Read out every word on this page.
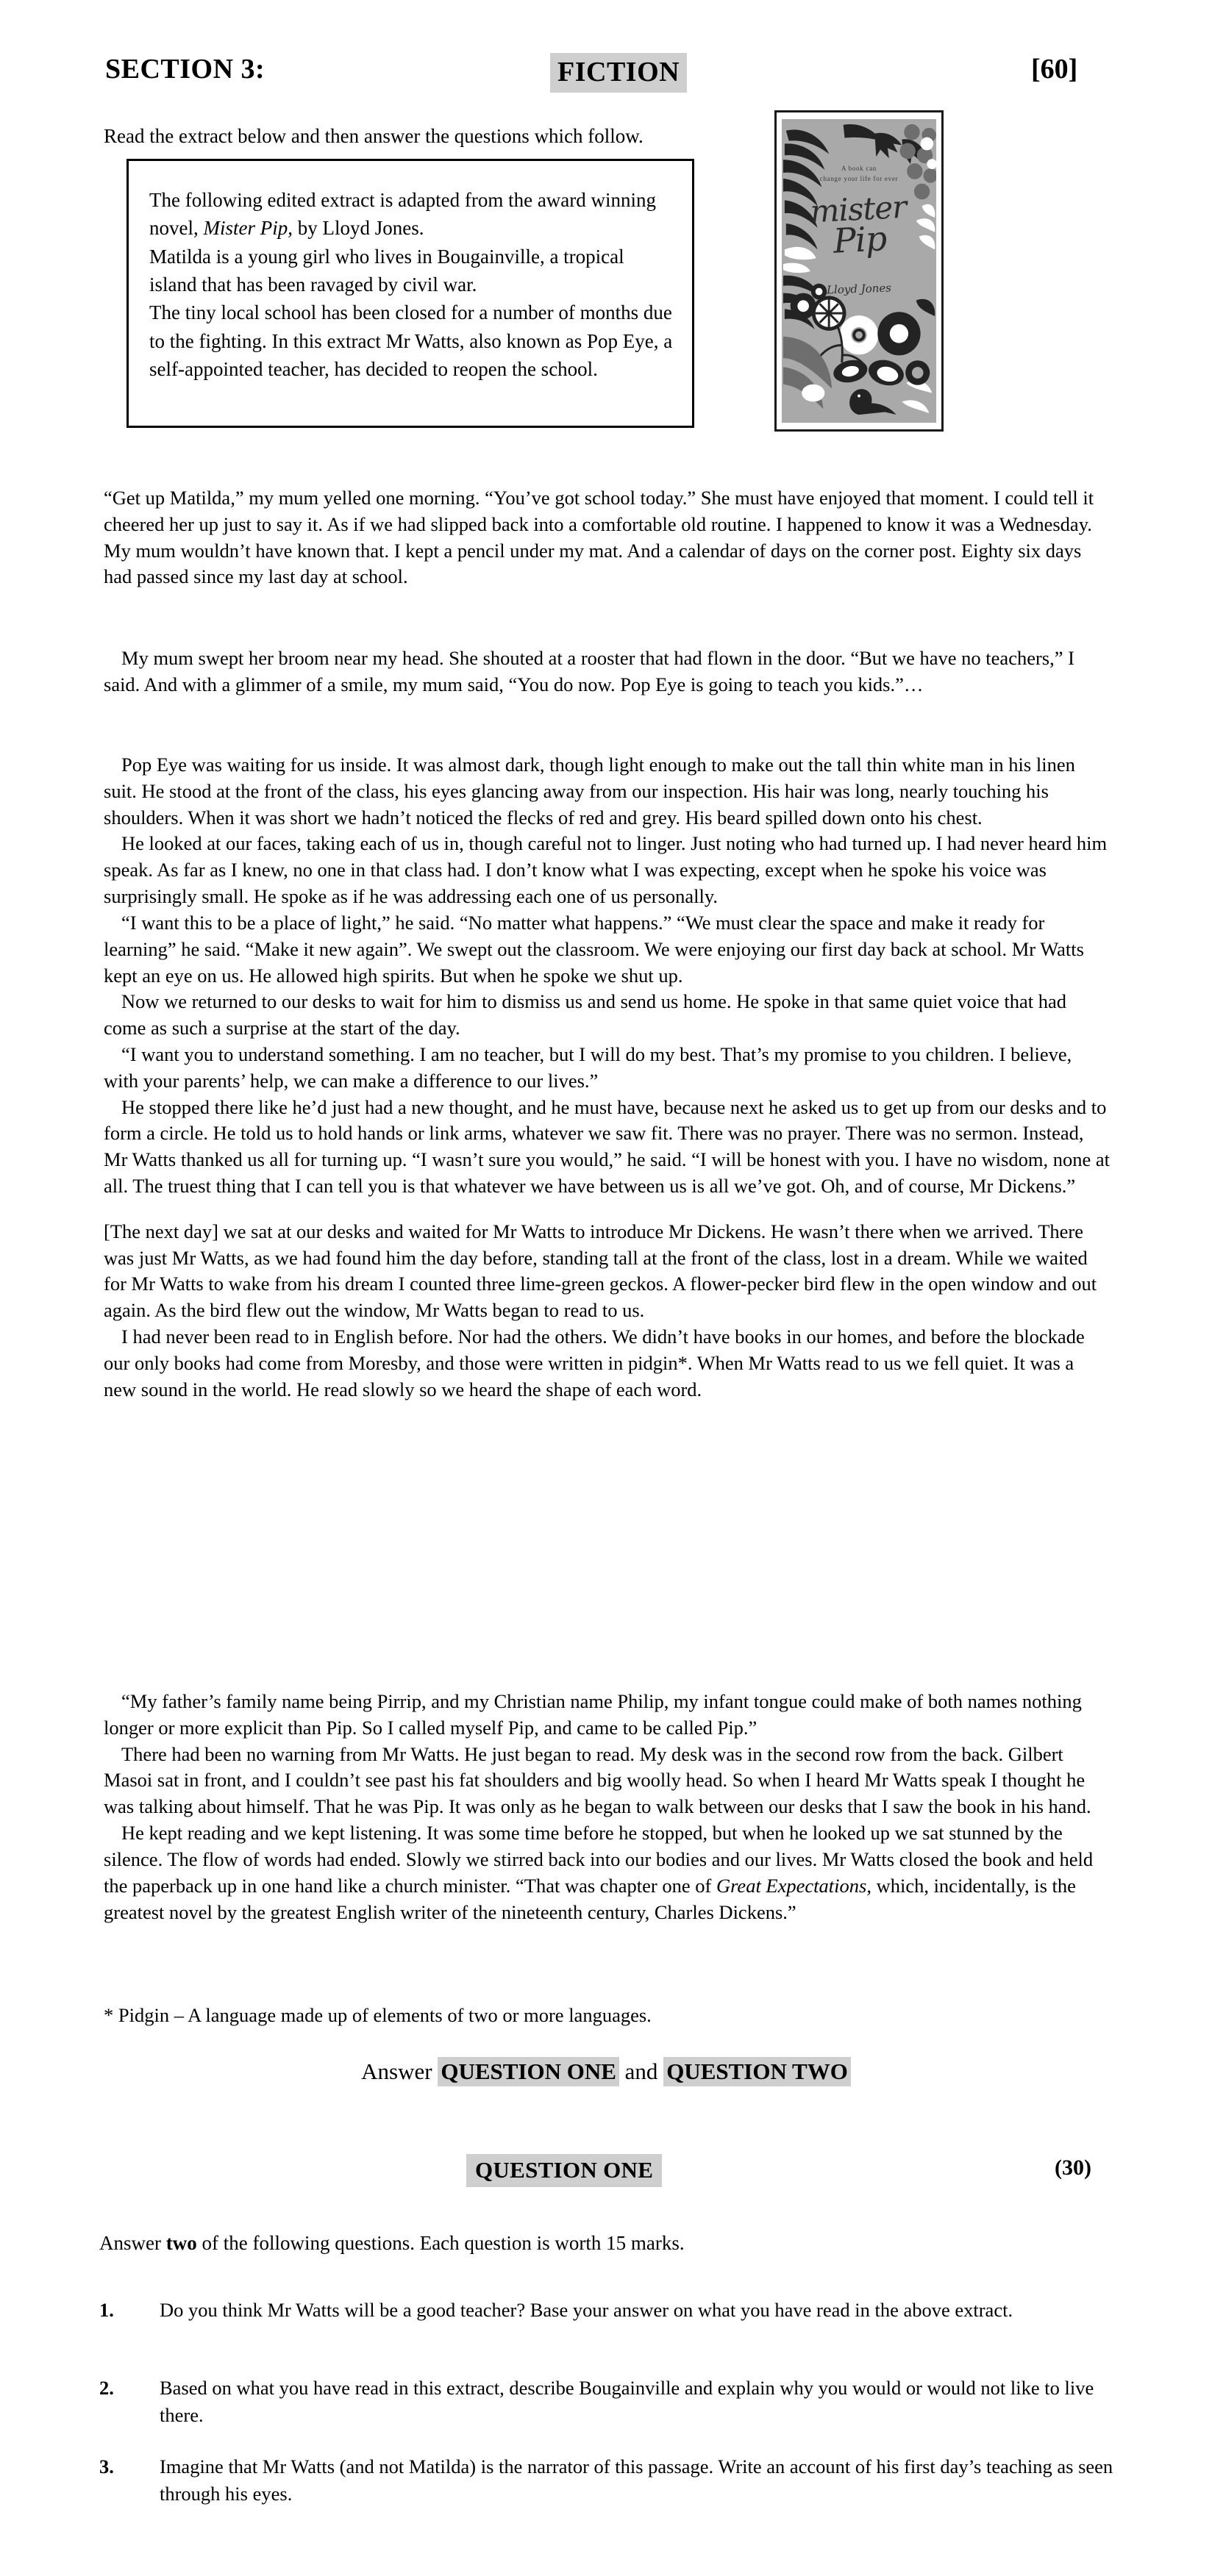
SECTION 3:	FICTION	[60]
Read the extract below and then answer the questions which follow.

The following edited extract is adapted from the award winning novel, Mister Pip, by Lloyd Jones.

Matilda is a young girl who lives in Bougainville, a tropical island that has been ravaged by civil war.

The tiny local school has been closed for a number of months due to the fighting. In this extract Mr Watts, also known as Pop Eye, a self-appointed teacher, has decided to reopen the school.

A book can
change your life for ever
mister
Pip
Lloyd Jones

“Get up Matilda,” my mum yelled one morning. “You’ve got school today.” She must have enjoyed that moment. I could tell it cheered her up just to say it. As if we had slipped back into a comfortable old routine. I happened to know it was a Wednesday. My mum wouldn’t have known that. I kept a pencil under my mat. And a calendar of days on the corner post. Eighty six days had passed since my last day at school.

My mum swept her broom near my head. She shouted at a rooster that had flown in the door. “But we have no teachers,” I said. And with a glimmer of a smile, my mum said, “You do now. Pop Eye is going to teach you kids.”…

Pop Eye was waiting for us inside. It was almost dark, though light enough to make out the tall thin white man in his linen suit. He stood at the front of the class, his eyes glancing away from our inspection. His hair was long, nearly touching his shoulders. When it was short we hadn’t noticed the flecks of red and grey. His beard spilled down onto his chest.

He looked at our faces, taking each of us in, though careful not to linger. Just noting who had turned up. I had never heard him speak. As far as I knew, no one in that class had. I don’t know what I was expecting, except when he spoke his voice was surprisingly small. He spoke as if he was addressing each one of us personally.

“I want this to be a place of light,” he said. “No matter what happens.” “We must clear the space and make it ready for learning” he said. “Make it new again”. We swept out the classroom. We were enjoying our first day back at school. Mr Watts kept an eye on us. He allowed high spirits. But when he spoke we shut up.

Now we returned to our desks to wait for him to dismiss us and send us home. He spoke in that same quiet voice that had come as such a surprise at the start of the day.

“I want you to understand something. I am no teacher, but I will do my best. That’s my promise to you children. I believe, with your parents’ help, we can make a difference to our lives.”

He stopped there like he’d just had a new thought, and he must have, because next he asked us to get up from our desks and to form a circle. He told us to hold hands or link arms, whatever we saw fit. There was no prayer. There was no sermon. Instead, Mr Watts thanked us all for turning up. “I wasn’t sure you would,” he said. “I will be honest with you. I have no wisdom, none at all. The truest thing that I can tell you is that whatever we have between us is all we’ve got. Oh, and of course, Mr Dickens.”

[The next day] we sat at our desks and waited for Mr Watts to introduce Mr Dickens. He wasn’t there when we arrived. There was just Mr Watts, as we had found him the day before, standing tall at the front of the class, lost in a dream. While we waited for Mr Watts to wake from his dream I counted three lime-green geckos. A flower-pecker bird flew in the open window and out again. As the bird flew out the window, Mr Watts began to read to us.

I had never been read to in English before. Nor had the others. We didn’t have books in our homes, and before the blockade our only books had come from Moresby, and those were written in pidgin*. When Mr Watts read to us we fell quiet. It was a new sound in the world. He read slowly so we heard the shape of each word.

“My father’s family name being Pirrip, and my Christian name Philip, my infant tongue could make of both names nothing longer or more explicit than Pip. So I called myself Pip, and came to be called Pip.”

There had been no warning from Mr Watts. He just began to read. My desk was in the second row from the back. Gilbert Masoi sat in front, and I couldn’t see past his fat shoulders and big woolly head. So when I heard Mr Watts speak I thought he was talking about himself. That he was Pip. It was only as he began to walk between our desks that I saw the book in his hand.

He kept reading and we kept listening. It was some time before he stopped, but when he looked up we sat stunned by the silence. The flow of words had ended. Slowly we stirred back into our bodies and our lives. Mr Watts closed the book and held the paperback up in one hand like a church minister. “That was chapter one of Great Expectations, which, incidentally, is the greatest novel by the greatest English writer of the nineteenth century, Charles Dickens.”

* Pidgin – A language made up of elements of two or more languages.
Answer QUESTION ONE and QUESTION TWO
QUESTION ONE	(30)
Answer two of the following questions. Each question is worth 15 marks.
1.	Do you think Mr Watts will be a good teacher? Base your answer on what you have read in the above extract.
2.	Based on what you have read in this extract, describe Bougainville and explain why you would or would not like to live there.
3.	Imagine that Mr Watts (and not Matilda) is the narrator of this passage. Write an account of his first day’s teaching as seen through his eyes.
